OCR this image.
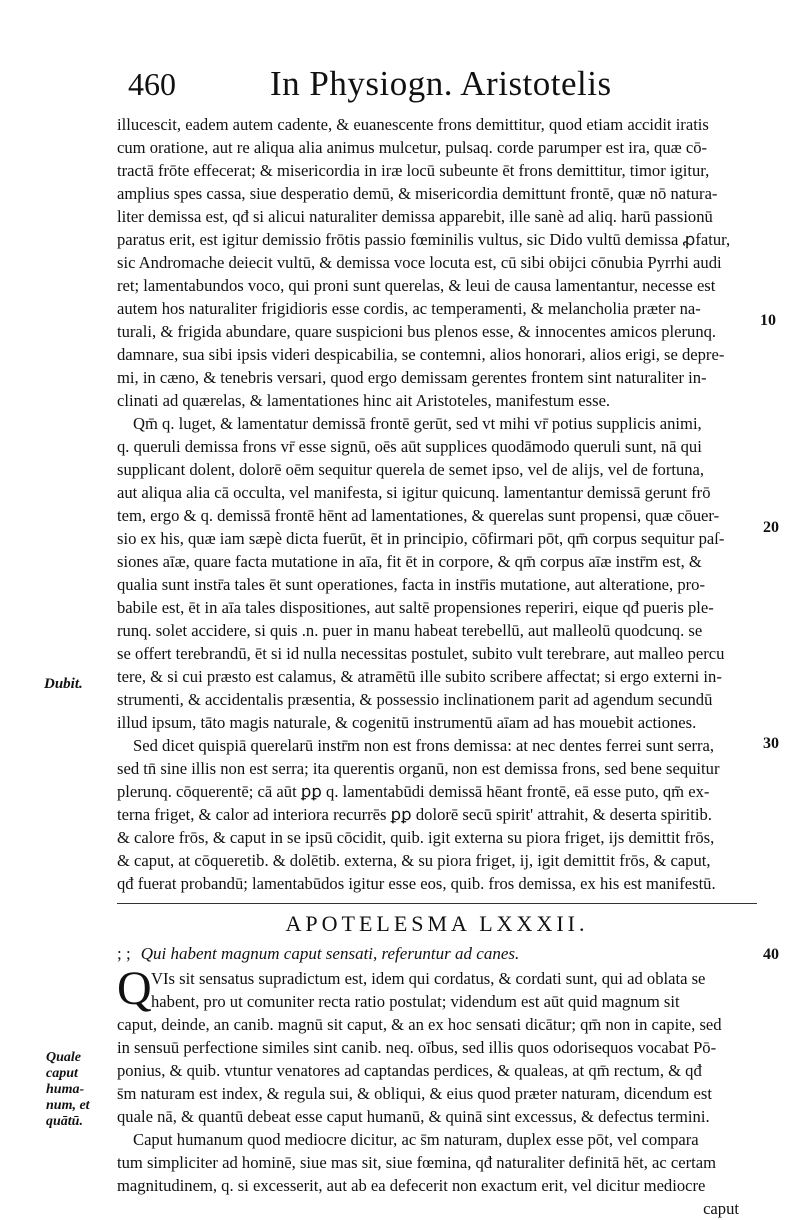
460	In Physiogn. Aristotelis
illucescit, eadem autem cadente, & euanescente frons demittitur, quod etiam accidit iratis
cum oratione, aut re aliqua alia animus mulcetur, pulsaq. corde parumper est ira, quæ cō-
tractā frōte effecerat; & misericordia in iræ locū subeunte ēt frons demittitur, timor igitur,
amplius spes cassa, siue desperatio demū, & misericordia demittunt frontē, quæ nō natura-
liter demissa est, qđ si alicui naturaliter demissa apparebit, ille sanè ad aliq. harū passionū
paratus erit, est igitur demissio frōtis passio fœminilis vultus, sic Dido vultū demissa ꝓfatur,
sic Andromache deiecit vultū, & demissa voce locuta est, cū sibi obijci cōnubia Pyrrhi audi
ret; lamentabundos voco, qui proni sunt querelas, & leui de causa lamentantur, necesse est
autem hos naturaliter frigidioris esse cordis, ac temperamenti, & melancholia præter na-
turali, & frigida abundare, quare suspicioni bus plenos esse, & innocentes amicos plerunq.
damnare, sua sibi ipsis videri despicabilia, se contemni, alios honorari, alios erigi, se depre-
mi, in cæno, & tenebris versari, quod ergo demissam gerentes frontem sint naturaliter in-
clinati ad quærelas, & lamentationes hinc ait Aristoteles, manifestum esse.
Qm̄ q. luget, & lamentatur demissā frontē gerūt, sed vt mihi vr̄ potius supplicis animi,
q. queruli demissa frons vr̄ esse signū, oēs aūt supplices quodāmodo queruli sunt, nā qui
supplicant dolent, dolorē oēm sequitur querela de semet ipso, vel de alijs, vel de fortuna,
aut aliqua alia cā occulta, vel manifesta, si igitur quicunq. lamentantur demissā gerunt frō
tem, ergo & q. demissā frontē hēnt ad lamentationes, & querelas sunt propensi, quæ cōuer-
sio ex his, quæ iam sæpè dicta fuerūt, ēt in principio, cōfirmari pōt, qm̄ corpus sequitur paſ-
siones aīæ, quare facta mutatione in aīa, fit ēt in corpore, & qm̄ corpus aīæ instr̄m est, &
qualia sunt instr̄a tales ēt sunt operationes, facta in instr̄is mutatione, aut alteratione, pro-
babile est, ēt in aīa tales dispositiones, aut saltē propensiones reperiri, eique qđ pueris ple-
runq. solet accidere, si quis .n. puer in manu habeat terebellū, aut malleolū quodcunq. se
se offert terebrandū, ēt si id nulla necessitas postulet, subito vult terebrare, aut malleo percu
tere, & si cui præsto est calamus, & atramētū ille subito scribere affectat; si ergo externi in-
strumenti, & accidentalis præsentia, & possessio inclinationem parit ad agendum secundū
illud ipsum, tāto magis naturale, & cogenitū instrumentū aīam ad has mouebit actiones.
Sed dicet quispiā querelarū instr̄m non est frons demissa: at nec dentes ferrei sunt serra,
sed tn̄ sine illis non est serra; ita querentis organū, non est demissa frons, sed bene sequitur
plerunq. cōquerentē; cā aūt ꝑꝑ q. lamentabūdi demissā hēant frontē, eā esse puto, qm̄ ex-
terna friget, & calor ad interiora recurrēs ꝑꝑ dolorē secū spirit' attrahit, & deserta spiritib.
& calore frōs, & caput in se ipsū cōcidit, quib. igit externa su piora friget, ijs demittit frōs,
& caput, at cōqueretib. & dolētib. externa, & su piora friget, ij, igit demittit frōs, & caput,
qđ fuerat probandū; lamentabūdos igitur esse eos, quib. fros demissa, ex his est manifestū.
APOTELESMA LXXXII.
; ; Qui habent magnum caput sensati, referuntur ad canes.
Q VIs sit sensatus supradictum est, idem qui cordatus, & cordati sunt, qui ad oblata se
habent, pro ut comuniter recta ratio postulat; videndum est aūt quid magnum sit
caput, deinde, an canib. magnū sit caput, & an ex hoc sensati dicātur; qm̄ non in capite, sed
in sensuū perfectione similes sint canib. neq. oībus, sed illis quos odorisequos vocabat Pō-
ponius, & quib. vtuntur venatores ad captandas perdices, & qualeas, at qm̄ rectum, & qđ
s̄m naturam est index, & regula sui, & obliqui, & eius quod præter naturam, dicendum est
quale nā, & quantū debeat esse caput humanū, & quinā sint excessus, & defectus termini.
Caput humanum quod mediocre dicitur, ac s̄m naturam, duplex esse pōt, vel compara
tum simpliciter ad hominē, siue mas sit, siue fœmina, qđ naturaliter definitā hēt, ac certam
magnitudinem, q. si excesserit, aut ab ea defecerit non exactum erit, vel dicitur mediocre
caput
10
20
30
40
Dubit.
Quale
caput
huma-
num, et
quātū.
